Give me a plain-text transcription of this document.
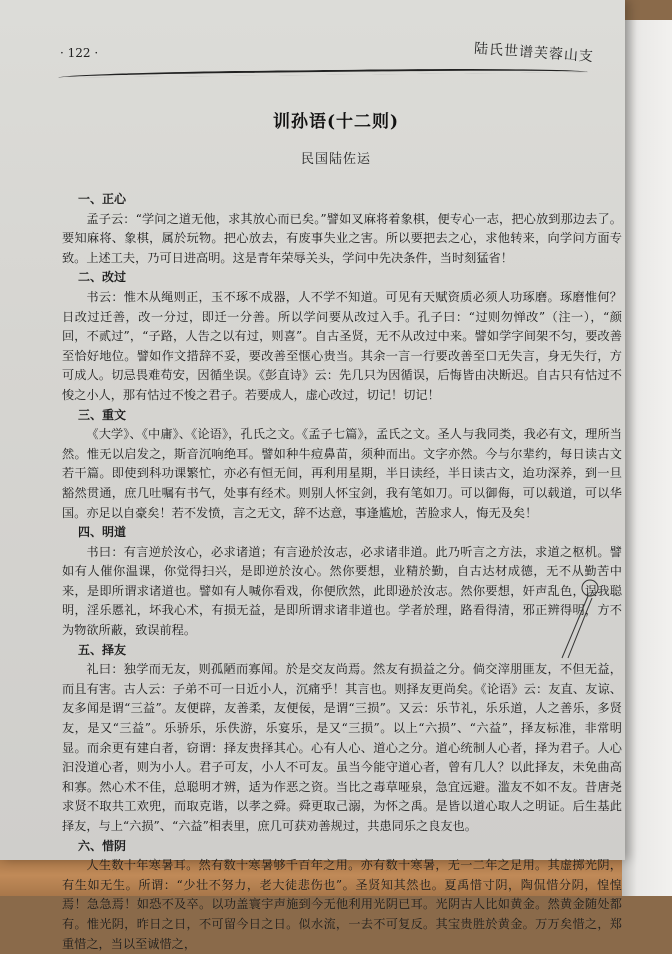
· 122 ·	陆氏世谱芙蓉山支
训孙语(十二则)
民国陆佐运
一、正心

孟子云：“学问之道无他，求其放心而已矣。”譬如叉麻将着象棋，便专心一志，把心放到那边去了。要知麻将、象棋，属於玩物。把心放去，有废事失业之害。所以要把去之心，求他转来，向学问方面专致。上述工夫，乃可日进高明。这是青年荣辱关头，学问中先决条件，当时刻猛省！

二、改过

书云：惟木从绳则正，玉不琢不成器，人不学不知道。可见有天赋资质必须人功琢磨。琢磨惟何？日改过迁善，改一分过，即迁一分善。所以学问要从改过入手。孔子曰：“过则勿惮改”（注一），“颜回，不贰过”，“子路，人告之以有过，则喜”。自古圣贤，无不从改过中来。譬如学字间架不匀，要改善至恰好地位。譬如作文措辞不妥，要改善至惬心贵当。其余一言一行要改善至口无失言，身无失行，方可成人。切忌畏难苟安，因循坐误。《彭直诗》云：先几只为因循误，后悔皆由决断迟。自古只有怙过不悛之小人，那有怙过不悛之君子。若要成人，虚心改过，切记！切记！

三、重文

《大学》、《中庸》、《论语》，孔氏之文。《孟子七篇》，孟氏之文。圣人与我同类，我必有文，理所当然。惟无以启发之，斯音沉响绝耳。譬如种牛痘鼻苗，须种而出。文字亦然。今与尔辈约，每日读古文若干篇。即使到科功课繁忙，亦必有恒无间，再利用星期，半日读经，半日读古文，迨功深养，到一旦豁然贯通，庶几吐嘱有书气，处事有经术。则别人怀宝剑，我有笔如刀。可以御侮，可以载道，可以华国。亦足以自豪矣！若不发愤，言之无文，辞不达意，事逢尴尬，苦脸求人，悔无及矣！

四、明道

书曰：有言逆於汝心，必求诸道；有言逊於汝志，必求诸非道。此乃听言之方法，求道之枢机。譬如有人催你温课，你觉得扫兴，是即逆於汝心。然你要想，业精於勤，自古达材成德，无不从勤苦中来，是即所谓求诸道也。譬如有人喊你看戏，你便欣然，此即逊於汝志。然你要想，奸声乱色，误我聪明，淫乐慝礼，坏我心术，有损无益，是即所谓求诸非道也。学者於理，路看得清，邪正辨得明，方不为物欲所蔽，致误前程。

五、择友

礼曰：独学而无友，则孤陋而寡闻。於是交友尚焉。然友有损益之分。倘交滓朋匪友，不但无益，而且有害。古人云：子弟不可一日近小人，沉痛乎！其言也。则择友更尚矣。《论语》云：友直、友谅、友多闻是谓“三益”。友便辟，友善柔，友便佞，是谓“三损”。又云：乐节礼，乐乐道，人之善乐，多贤友，是又“三益”。乐骄乐，乐佚游，乐宴乐，是又“三损”。以上“六损”、“六益”，择友标准，非常明显。而余更有建白者，窃谓：择友贵择其心。心有人心、道心之分。道心统制人心者，择为君子。人心汩没道心者，则为小人。君子可友，小人不可友。虽当今能守道心者，曾有几人？以此择友，未免曲高和寡。然心术不佳，总聪明才辨，适为作恶之资。当比之毒草哑泉，急宜远避。滥友不如不友。昔唐尧求贤不取共工欢兜，而取克谐，以孝之舜。舜更取己溺，为怀之禹。是皆以道心取人之明证。后生基此择友，与上“六损”、“六益”相表里，庶几可获劝善规过，共患同乐之良友也。

六、惜阴

人生数十年寒暑耳。然有数十寒暑够千百年之用。亦有数十寒暑，无一二年之足用。其虚掷光阴，有生如无生。所谓：“少壮不努力，老大徒悲伤也”。圣贤知其然也。夏禹惜寸阴，陶侃惜分阴，惶惶焉！急急焉！如恐不及卒。以功盖寰宇声施到今无他利用光阴已耳。光阴古人比如黄金。然黄金随处都有。惟光阴，昨日之日，不可留今日之日。似水流，一去不可复反。其宝贵胜於黄金。万万矣惜之，郑重惜之，当以至诚惜之，
